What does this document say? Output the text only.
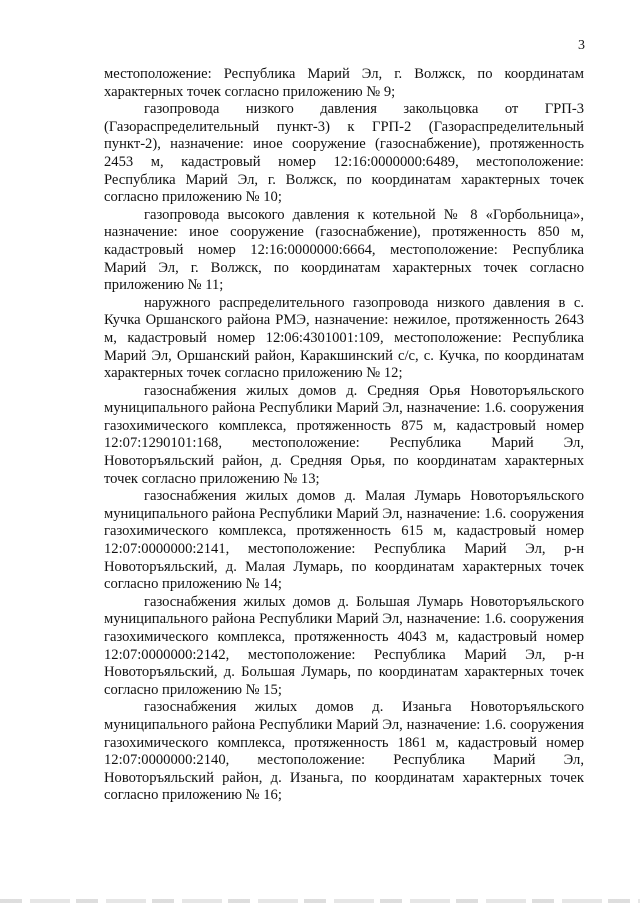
3

местоположение: Республика Марий Эл, г. Волжск, по координатам характерных точек согласно приложению № 9;

газопровода низкого давления закольцовка от ГРП-3 (Газораспределительный пункт-3) к ГРП-2 (Газораспределительный пункт-2), назначение: иное сооружение (газоснабжение), протяженность 2453 м, кадастровый номер 12:16:0000000:6489, местоположение: Республика Марий Эл, г. Волжск, по координатам характерных точек согласно приложению № 10;

газопровода высокого давления к котельной № 8 «Горбольница», назначение: иное сооружение (газоснабжение), протяженность 850 м, кадастровый номер 12:16:0000000:6664, местоположение: Республика Марий Эл, г. Волжск, по координатам характерных точек согласно приложению № 11;

наружного распределительного газопровода низкого давления в с. Кучка Оршанского района РМЭ, назначение: нежилое, протяженность 2643 м, кадастровый номер 12:06:4301001:109, местоположение: Республика Марий Эл, Оршанский район, Каракшинский с/с, с. Кучка, по координатам характерных точек согласно приложению № 12;

газоснабжения жилых домов д. Средняя Орья Новоторъяльского муниципального района Республики Марий Эл, назначение: 1.6. сооружения газохимического комплекса, протяженность 875 м, кадастровый номер 12:07:1290101:168, местоположение: Республика Марий Эл, Новоторъяльский район, д. Средняя Орья, по координатам характерных точек согласно приложению № 13;

газоснабжения жилых домов д. Малая Лумарь Новоторъяльского муниципального района Республики Марий Эл, назначение: 1.6. сооружения газохимического комплекса, протяженность 615 м, кадастровый номер 12:07:0000000:2141, местоположение: Республика Марий Эл, р-н Новоторъяльский, д. Малая Лумарь, по координатам характерных точек согласно приложению № 14;

газоснабжения жилых домов д. Большая Лумарь Новоторъяльского муниципального района Республики Марий Эл, назначение: 1.6. сооружения газохимического комплекса, протяженность 4043 м, кадастровый номер 12:07:0000000:2142, местоположение: Республика Марий Эл, р-н Новоторъяльский, д. Большая Лумарь, по координатам характерных точек согласно приложению № 15;

газоснабжения жилых домов д. Изаньга Новоторъяльского муниципального района Республики Марий Эл, назначение: 1.6. сооружения газохимического комплекса, протяженность 1861 м, кадастровый номер 12:07:0000000:2140, местоположение: Республика Марий Эл, Новоторъяльский район, д. Изаньга, по координатам характерных точек согласно приложению № 16;
